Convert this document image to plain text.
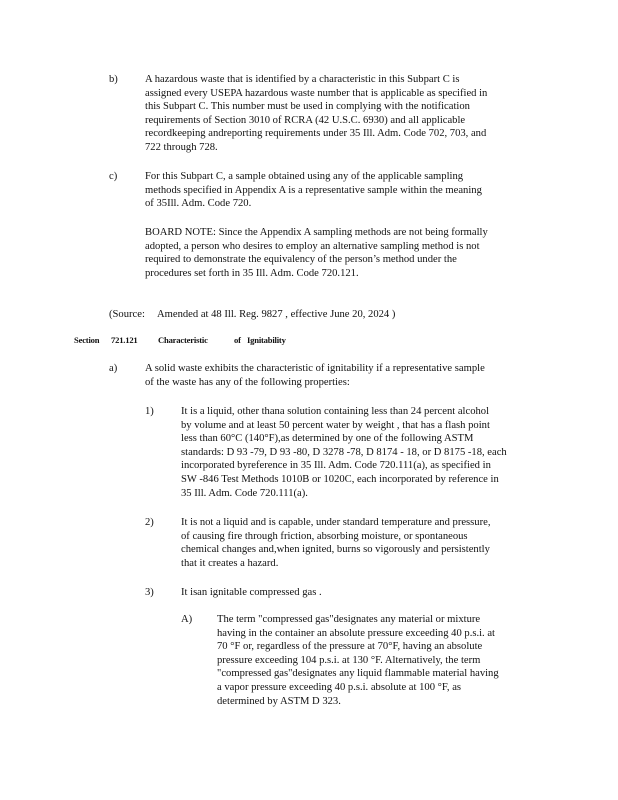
b)	A hazardous waste that is identified by a characteristic in this Subpart C is
assigned every USEPA hazardous waste number that is applicable as specified in
this Subpart C. This number must be used in complying with the notification
requirements of Section 3010 of RCRA (42 U.S.C. 6930) and all applicable
recordkeeping andreporting requirements under 35 Ill. Adm. Code 702, 703, and
722 through 728.
c)	For this Subpart C, a sample obtained using any of the applicable sampling
methods specified in Appendix A is a representative sample within the meaning
of 35Ill. Adm. Code 720.
BOARD NOTE: Since the Appendix A sampling methods are not being formally
adopted, a person who desires to employ an alternative sampling method is not
required to demonstrate the equivalency of the person’s method under the
procedures set forth in 35 Ill. Adm. Code 720.121.
(Source: Amended at 48 Ill. Reg. 9827 , effective June 20, 2024 )
Section 721.121 Characteristic	of Ignitability
a)	A solid waste exhibits the characteristic of ignitability if a representative sample
of the waste has any of the following properties:
1)	It is a liquid, other thana solution containing less than 24 percent alcohol
by volume and at least 50 percent water by weight , that has a flash point
less than 60°C (140°F),as determined by one of the following ASTM
standards: D 93 -79, D 93 -80, D 3278 -78, D 8174 - 18, or D 8175 -18, each
incorporated byreference in 35 Ill. Adm. Code 720.111(a), as specified in
SW -846 Test Methods 1010B or 1020C, each incorporated by reference in
35 Ill. Adm. Code 720.111(a).
2)	It is not a liquid and is capable, under standard temperature and pressure,
of causing fire through friction, absorbing moisture, or spontaneous
chemical changes and,when ignited, burns so vigorously and persistently
that it creates a hazard.
3)	It isan ignitable compressed gas .
A) The term "compressed gas"designates any material or mixture
having in the container an absolute pressure exceeding 40 p.s.i. at
70 °F or, regardless of the pressure at 70°F, having an absolute
pressure exceeding 104 p.s.i. at 130 °F. Alternatively, the term
"compressed gas"designates any liquid flammable material having
a vapor pressure exceeding 40 p.s.i. absolute at 100 °F, as
determined by ASTM D 323.
